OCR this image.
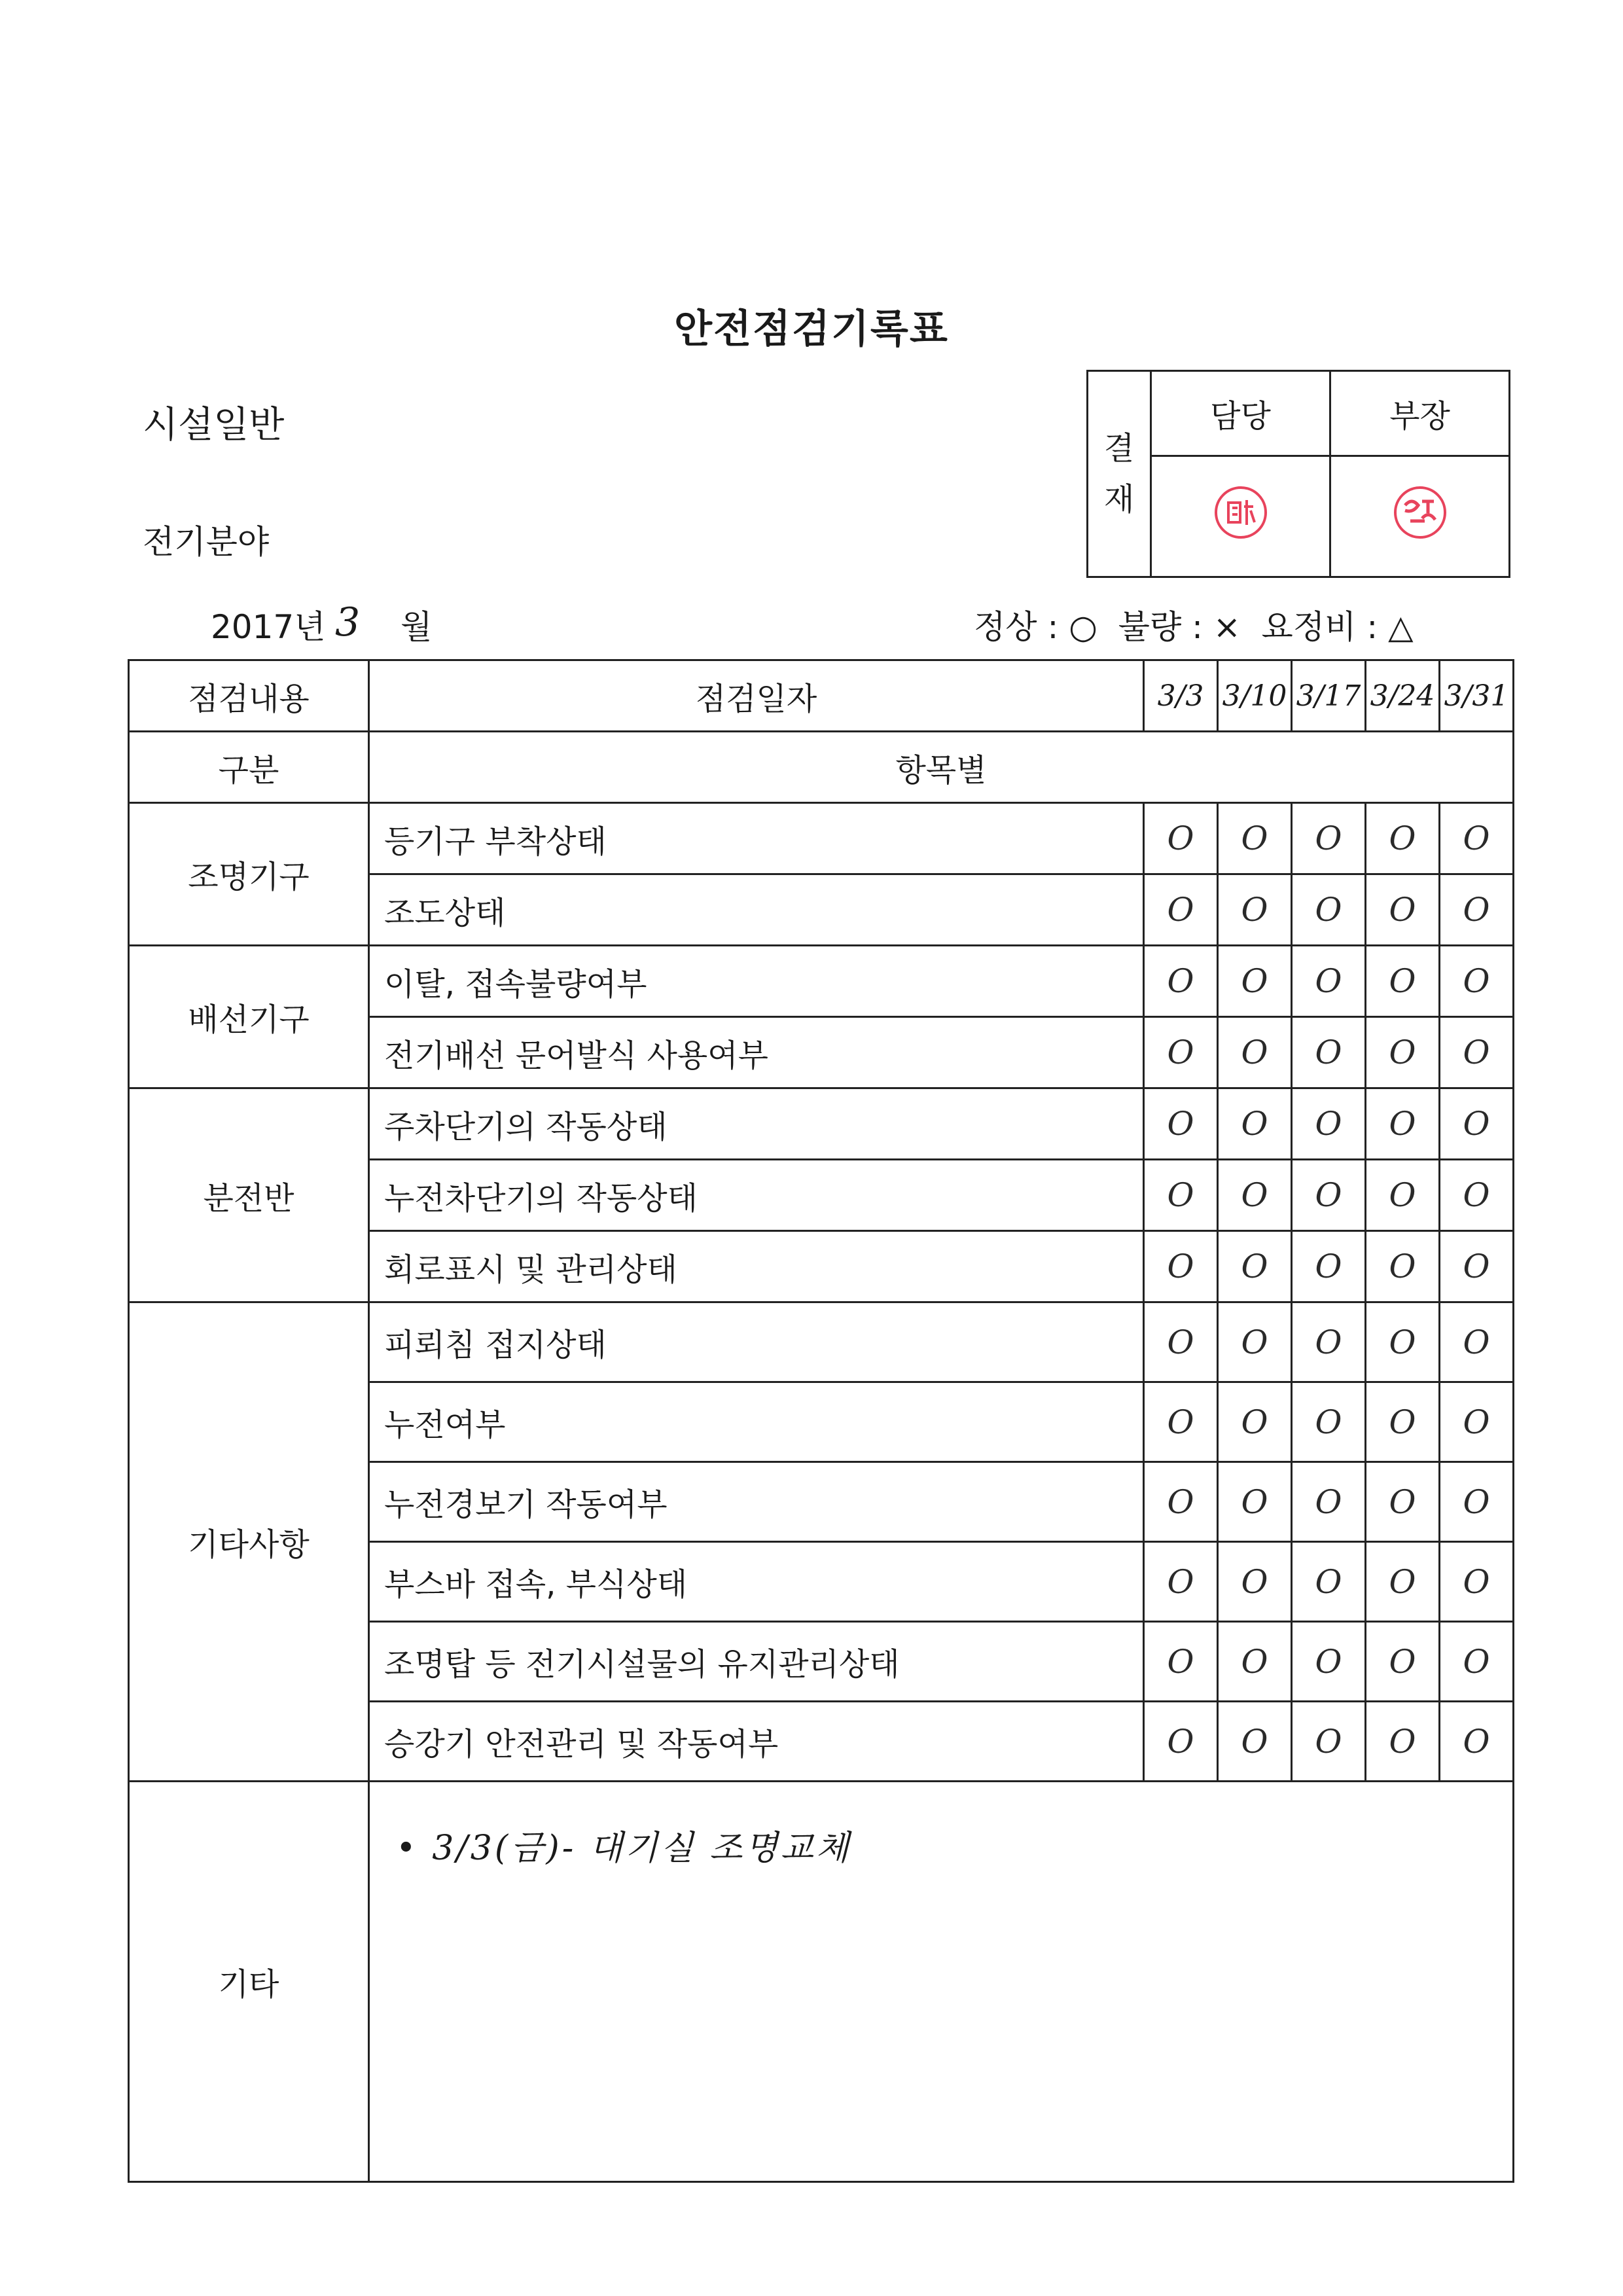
안전점검기록표
시설일반
전기분야
2017년 3 월	정상 : ○  불량 : ×  요정비 : △
결
재	담당	부장

점검내용	점검일자	3/3	3/10	3/17	3/24	3/31
구분	항목별					
조명기구	등기구 부착상태	O	O	O	O	O
	조도상태	O	O	O	O	O
배선기구	이탈, 접속불량여부	O	O	O	O	O
	전기배선 문어발식 사용여부	O	O	O	O	O
분전반	주차단기의 작동상태	O	O	O	O	O
	누전차단기의 작동상태	O	O	O	O	O
	회로표시 및 관리상태	O	O	O	O	O
기타사항	피뢰침 접지상태	O	O	O	O	O
	누전여부	O	O	O	O	O
	누전경보기 작동여부	O	O	O	O	O
	부스바 접속, 부식상태	O	O	O	O	O
	조명탑 등 전기시설물의 유지관리상태	O	O	O	O	O
	승강기 안전관리 및 작동여부	O	O	O	O	O
기타	• 3/3(금)- 대기실 조명교체					
